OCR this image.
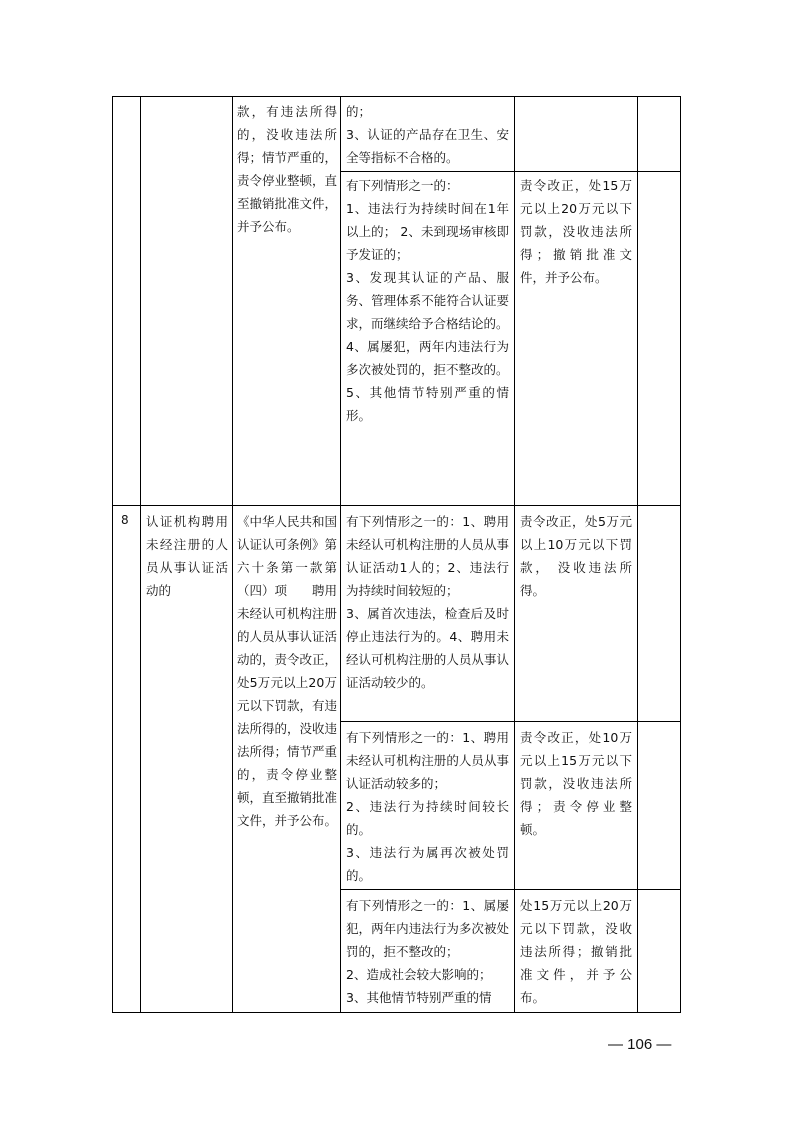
款，有违法所得的，没收违法所得；情节严重的，责令停业整顿，直至撤销批准文件，并予公布。
的；
3、认证的产品存在卫生、安全等指标不合格的。
有下列情形之一的：
1、违法行为持续时间在1年以上的； 2、未到现场审核即予发证的；
3、发现其认证的产品、服务、管理体系不能符合认证要求，而继续给予合格结论的。
4、属屡犯，两年内违法行为多次被处罚的，拒不整改的。
5、其他情节特别严重的情形。
责令改正，处15万元以上20万元以下罚款，没收违法所得；撤销批准文件，并予公布。
8 认证机构聘用未经注册的人员从事认证活动的
《中华人民共和国认证认可条例》第六十条第一款第（四）项　　聘用未经认可机构注册的人员从事认证活动的，责令改正，处5万元以上20万元以下罚款，有违法所得的，没收违法所得；情节严重的，责令停业整顿，直至撤销批准文件，并予公布。
有下列情形之一的：1、聘用未经认可机构注册的人员从事认证活动1人的；2、违法行为持续时间较短的；
3、属首次违法，检查后及时停止违法行为的。4、聘用未经认可机构注册的人员从事认证活动较少的。
责令改正，处5万元以上10万元以下罚款， 没收违法所得。
有下列情形之一的：1、聘用未经认可机构注册的人员从事认证活动较多的；
2、违法行为持续时间较长的。
3、违法行为属再次被处罚的。
责令改正，处10万元以上15万元以下罚款，没收违法所得；责令停业整顿。
有下列情形之一的：1、属屡犯，两年内违法行为多次被处罚的，拒不整改的；
2、造成社会较大影响的；
3、其他情节特别严重的情
处15万元以上20万元以下罚款，没收违法所得；撤销批准文件，并予公布。
— 106 —
